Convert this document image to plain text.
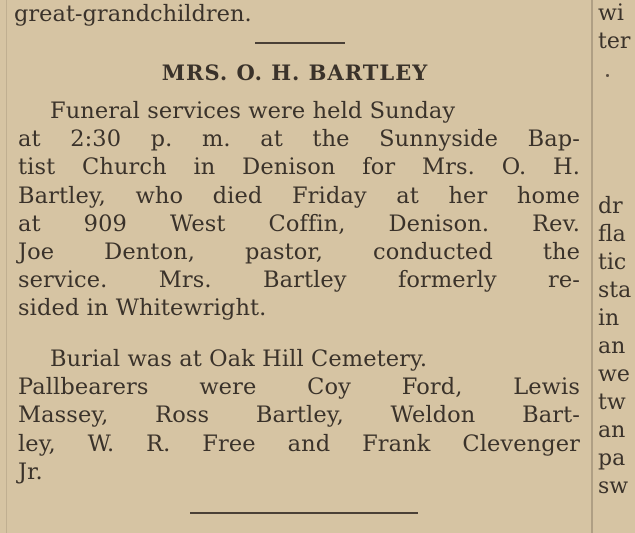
great-grandchildren.
MRS. O. H. BARTLEY
Funeral services were held Sunday
at 2:30 p. m. at the Sunnyside Bap-
tist Church in Denison for Mrs. O. H.
Bartley, who died Friday at her home
at 909 West Coffin, Denison. Rev.
Joe Denton, pastor, conducted the
service. Mrs. Bartley formerly re-
sided in Whitewright.
Burial was at Oak Hill Cemetery.
Pallbearers were Coy Ford, Lewis
Massey, Ross Bartley, Weldon Bart-
ley, W. R. Free and Frank Clevenger
Jr.
wi
ter
dr
fla
tic
sta
in
an
we
tw
an
pa
sw
